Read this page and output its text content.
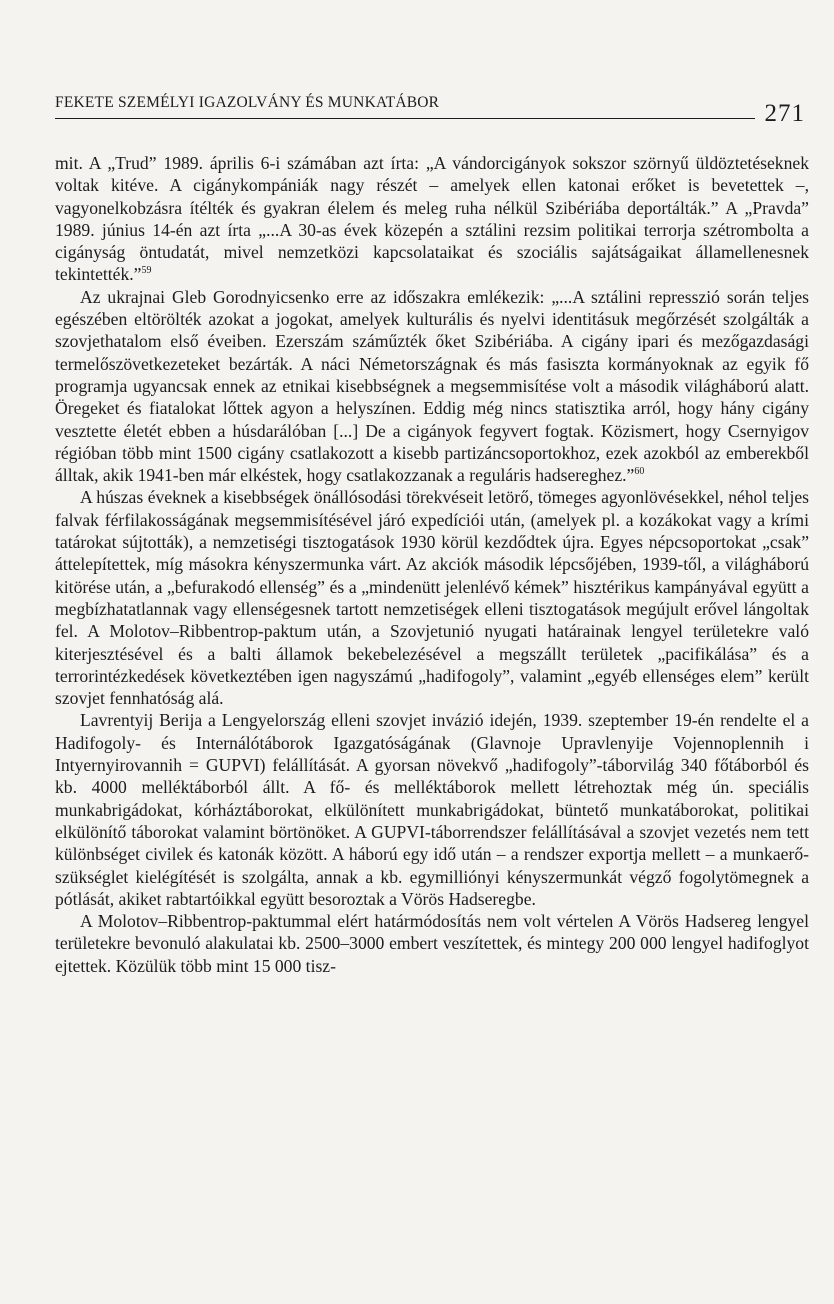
FEKETE SZEMÉLYI IGAZOLVÁNY ÉS MUNKATÁBOR	271

mit. A „Trud” 1989. április 6-i számában azt írta: „A vándorcigányok sokszor szörnyű üldöztetéseknek voltak kitéve. A cigánykompániák nagy részét – amelyek ellen katonai erőket is bevetettek –, vagyonelkobzásra ítélték és gyakran élelem és meleg ruha nélkül Szibériába deportálták.” A „Pravda” 1989. június 14-én azt írta „...A 30-as évek közepén a sztálini rezsim politikai terrorja szétrombolta a cigányság öntudatát, mivel nemzetközi kapcsolataikat és szociális sajátságaikat államellenesnek tekintették.”$^{59}$

Az ukrajnai Gleb Gorodnyicsenko erre az időszakra emlékezik: „...A sztálini represszió során teljes egészében eltörölték azokat a jogokat, amelyek kulturális és nyelvi identitásuk megőrzését szolgálták a szovjethatalom első éveiben. Ezerszám száműzték őket Szibériába. A cigány ipari és mezőgazdasági termelőszövetkezeteket bezárták. A náci Németországnak és más fasiszta kormányoknak az egyik fő programja ugyancsak ennek az etnikai kisebbségnek a megsemmisítése volt a második világháború alatt. Öregeket és fiatalokat lőttek agyon a helyszínen. Eddig még nincs statisztika arról, hogy hány cigány vesztette életét ebben a húsdarálóban [...] De a cigányok fegyvert fogtak. Közismert, hogy Csernyigov régióban több mint 1500 cigány csatlakozott a kisebb partizáncsoportokhoz, ezek azokból az emberekből álltak, akik 1941-ben már elkéstek, hogy csatlakozzanak a reguláris hadsereghez.”$^{60}$

A húszas éveknek a kisebbségek önállósodási törekvéseit letörő, tömeges agyonlövésekkel, néhol teljes falvak férfilakosságának megsemmisítésével járó expedíciói után, (amelyek pl. a kozákokat vagy a krími tatárokat sújtották), a nemzetiségi tisztogatások 1930 körül kezdődtek újra. Egyes népcsoportokat „csak” áttelepítettek, míg másokra kényszermunka várt. Az akciók második lépcsőjében, 1939-től, a világháború kitörése után, a „befurakodó ellenség” és a „mindenütt jelenlévő kémek” hisztérikus kampányával együtt a megbízhatatlannak vagy ellenségesnek tartott nemzetiségek elleni tisztogatások megújult erővel lángoltak fel. A Molotov–Ribbentrop-paktum után, a Szovjetunió nyugati határainak lengyel területekre való kiterjesztésével és a balti államok bekebelezésével a megszállt területek „pacifikálása” és a terrorintézkedések következtében igen nagyszámú „hadifogoly”, valamint „egyéb ellenséges elem” került szovjet fennhatóság alá.

Lavrentyij Berija a Lengyelország elleni szovjet invázió idején, 1939. szeptember 19-én rendelte el a Hadifogoly- és Internálótáborok Igazgatóságának (Glavnoje Upravlenyije Vojennoplennih i Intyernyirovannih = GUPVI) felállítását. A gyorsan növekvő „hadifogoly”-táborvilág 340 főtáborból és kb. 4000 melléktáborból állt. A fő- és melléktáborok mellett létrehoztak még ún. speciális munkabrigádokat, kórháztáborokat, elkülönített munkabrigádokat, büntető munkatáborokat, politikai elkülönítő táborokat valamint börtönöket. A GUPVI-táborrendszer felállításával a szovjet vezetés nem tett különbséget civilek és katonák között. A háború egy idő után – a rendszer exportja mellett – a munkaerő-szükséglet kielégítését is szolgálta, annak a kb. egymilliónyi kényszermunkát végző fogolytömegnek a pótlását, akiket rabtartóikkal együtt besoroztak a Vörös Hadseregbe.

A Molotov–Ribbentrop-paktummal elért határmódosítás nem volt vértelen A Vörös Hadsereg lengyel területekre bevonuló alakulatai kb. 2500–3000 embert veszítettek, és mintegy 200 000 lengyel hadifoglyot ejtettek. Közülük több mint 15 000 tisz-
